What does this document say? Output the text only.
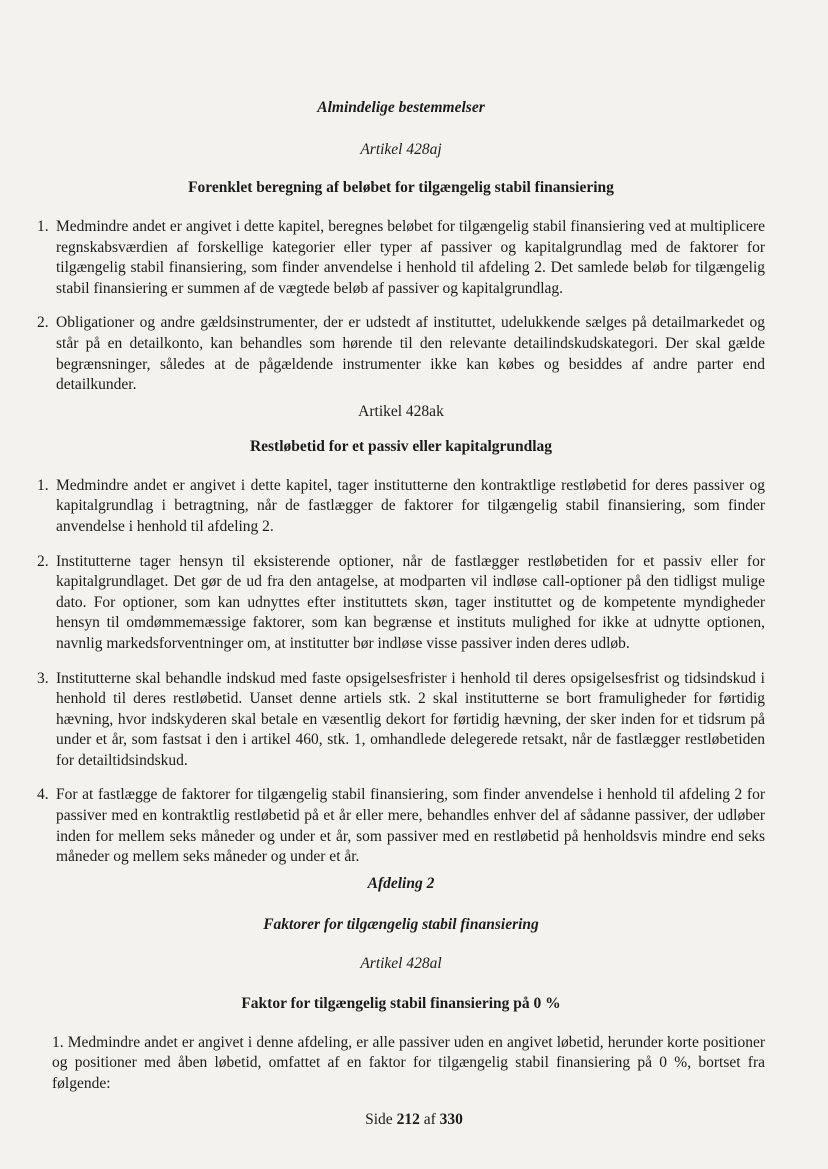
Almindelige bestemmelser

Artikel 428aj

Forenklet beregning af beløbet for tilgængelig stabil finansiering

1. Medmindre andet er angivet i dette kapitel, beregnes beløbet for tilgængelig stabil finansiering ved at multiplicere regnskabsværdien af forskellige kategorier eller typer af passiver og kapitalgrundlag med de faktorer for tilgængelig stabil finansiering, som finder anvendelse i henhold til afdeling 2. Det samlede beløb for tilgængelig stabil finansiering er summen af de vægtede beløb af passiver og kapitalgrundlag.
2. Obligationer og andre gældsinstrumenter, der er udstedt af instituttet, udelukkende sælges på detailmarkedet og står på en detailkonto, kan behandles som hørende til den relevante detailindskudskategori. Der skal gælde begrænsninger, således at de pågældende instrumenter ikke kan købes og besiddes af andre parter end detailkunder.

Artikel 428ak

Restløbetid for et passiv eller kapitalgrundlag

1. Medmindre andet er angivet i dette kapitel, tager institutterne den kontraktlige restløbetid for deres passiver og kapitalgrundlag i betragtning, når de fastlægger de faktorer for tilgængelig stabil finansiering, som finder anvendelse i henhold til afdeling 2.
2. Institutterne tager hensyn til eksisterende optioner, når de fastlægger restløbetiden for et passiv eller for kapitalgrundlaget. Det gør de ud fra den antagelse, at modparten vil indløse call-optioner på den tidligst mulige dato. For optioner, som kan udnyttes efter instituttets skøn, tager instituttet og de kompetente myndigheder hensyn til omdømmemæssige faktorer, som kan begrænse et instituts mulighed for ikke at udnytte optionen, navnlig markedsforventninger om, at institutter bør indløse visse passiver inden deres udløb.
3. Institutterne skal behandle indskud med faste opsigelsesfrister i henhold til deres opsigelsesfrist og tidsindskud i henhold til deres restløbetid. Uanset denne artiels stk. 2 skal institutterne se bort framuligheder for førtidig hævning, hvor indskyderen skal betale en væsentlig dekort for førtidig hævning, der sker inden for et tidsrum på under et år, som fastsat i den i artikel 460, stk. 1, omhandlede delegerede retsakt, når de fastlægger restløbetiden for detailtidsindskud.
4. For at fastlægge de faktorer for tilgængelig stabil finansiering, som finder anvendelse i henhold til afdeling 2 for passiver med en kontraktlig restløbetid på et år eller mere, behandles enhver del af sådanne passiver, der udløber inden for mellem seks måneder og under et år, som passiver med en restløbetid på henholdsvis mindre end seks måneder og mellem seks måneder og under et år.

Afdeling 2

Faktorer for tilgængelig stabil finansiering

Artikel 428al

Faktor for tilgængelig stabil finansiering på 0 %

1. Medmindre andet er angivet i denne afdeling, er alle passiver uden en angivet løbetid, herunder korte positioner og positioner med åben løbetid, omfattet af en faktor for tilgængelig stabil finansiering på 0 %, bortset fra følgende:

Side 212 af 330
